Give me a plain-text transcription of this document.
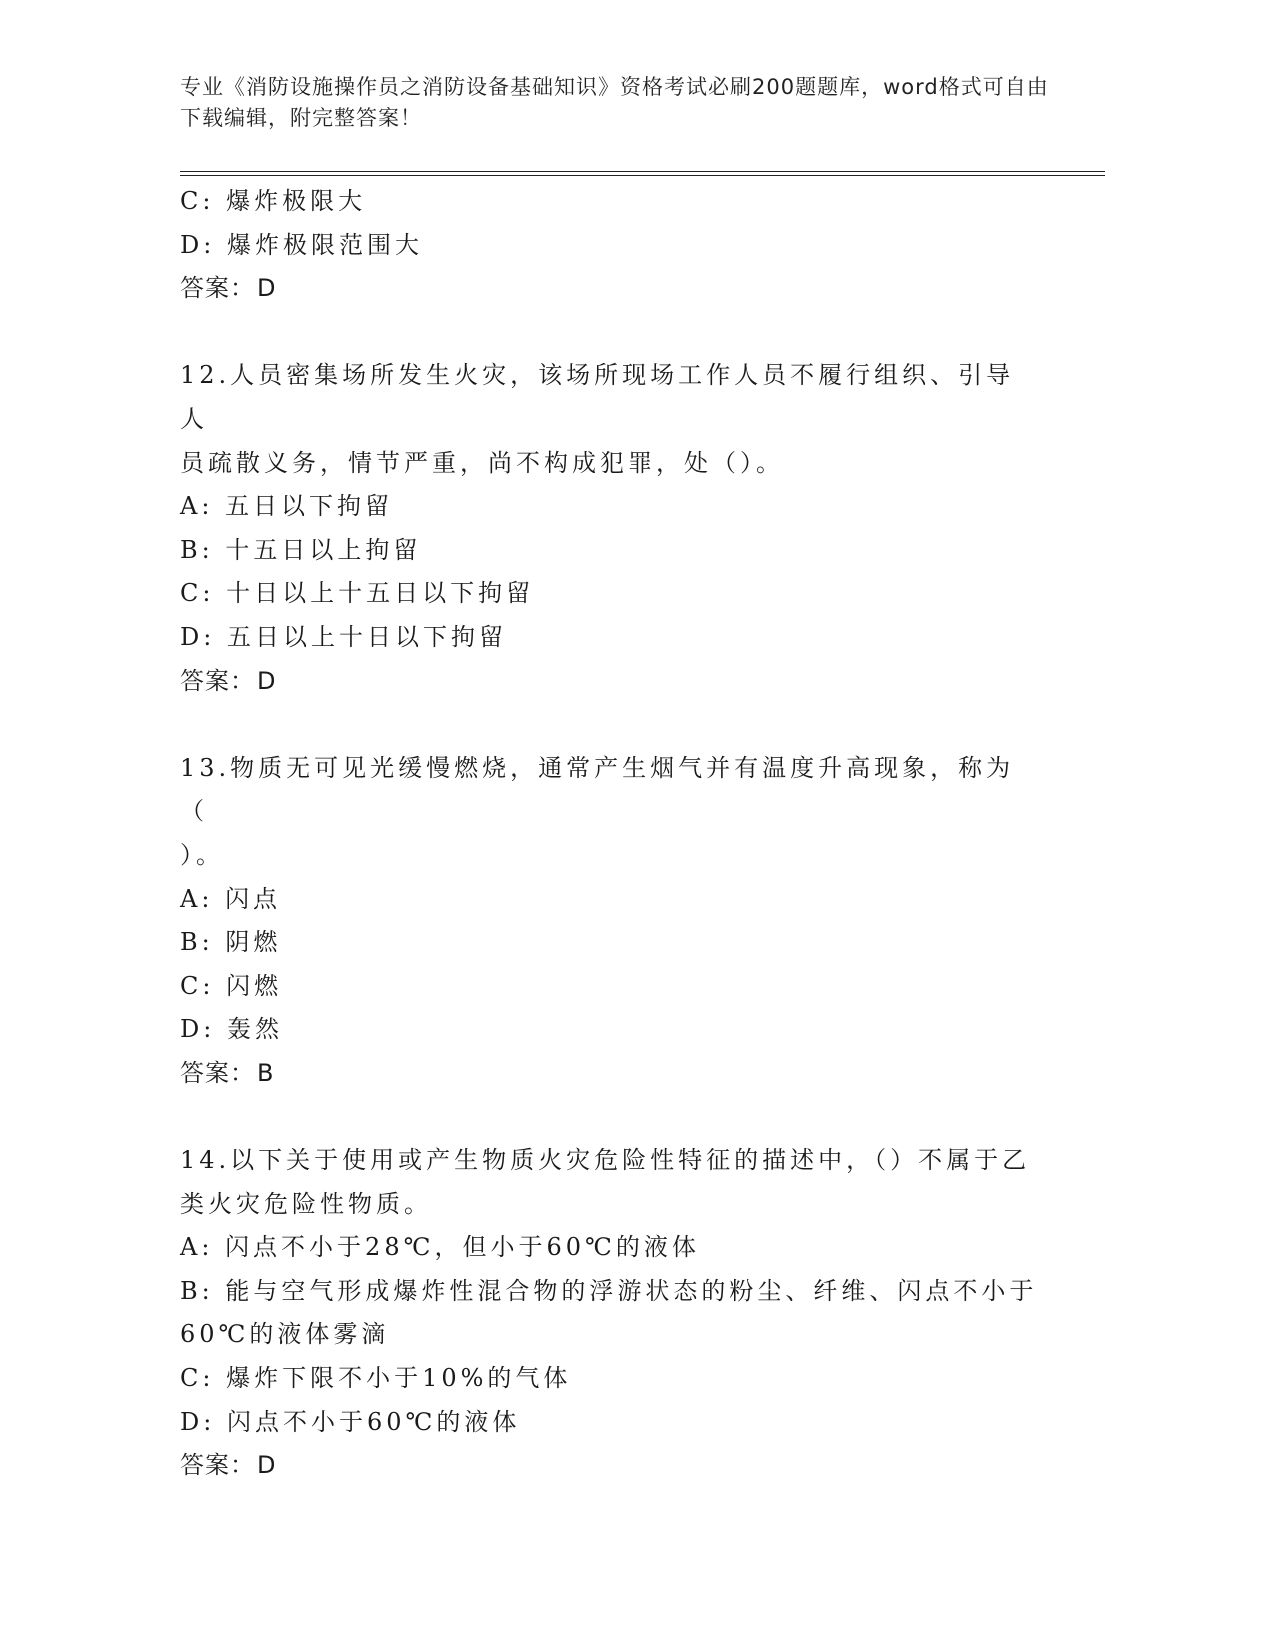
专业《消防设施操作员之消防设备基础知识》资格考试必刷200题题库，word格式可自由下载编辑，附完整答案！
C: 爆炸极限大
D: 爆炸极限范围大
答案：D
12.人员密集场所发生火灾，该场所现场工作人员不履行组织、引导人
员疏散义务，情节严重，尚不构成犯罪，处（）。
A: 五日以下拘留
B: 十五日以上拘留
C: 十日以上十五日以下拘留
D: 五日以上十日以下拘留
答案：D
13.物质无可见光缓慢燃烧，通常产生烟气并有温度升高现象，称为（
）。
A: 闪点
B: 阴燃
C: 闪燃
D: 轰然
答案：B
14.以下关于使用或产生物质火灾危险性特征的描述中，（）不属于乙
类火灾危险性物质。
A: 闪点不小于28℃，但小于60℃的液体
B: 能与空气形成爆炸性混合物的浮游状态的粉尘、纤维、闪点不小于
60℃的液体雾滴
C: 爆炸下限不小于10%的气体
D: 闪点不小于60℃的液体
答案：D
